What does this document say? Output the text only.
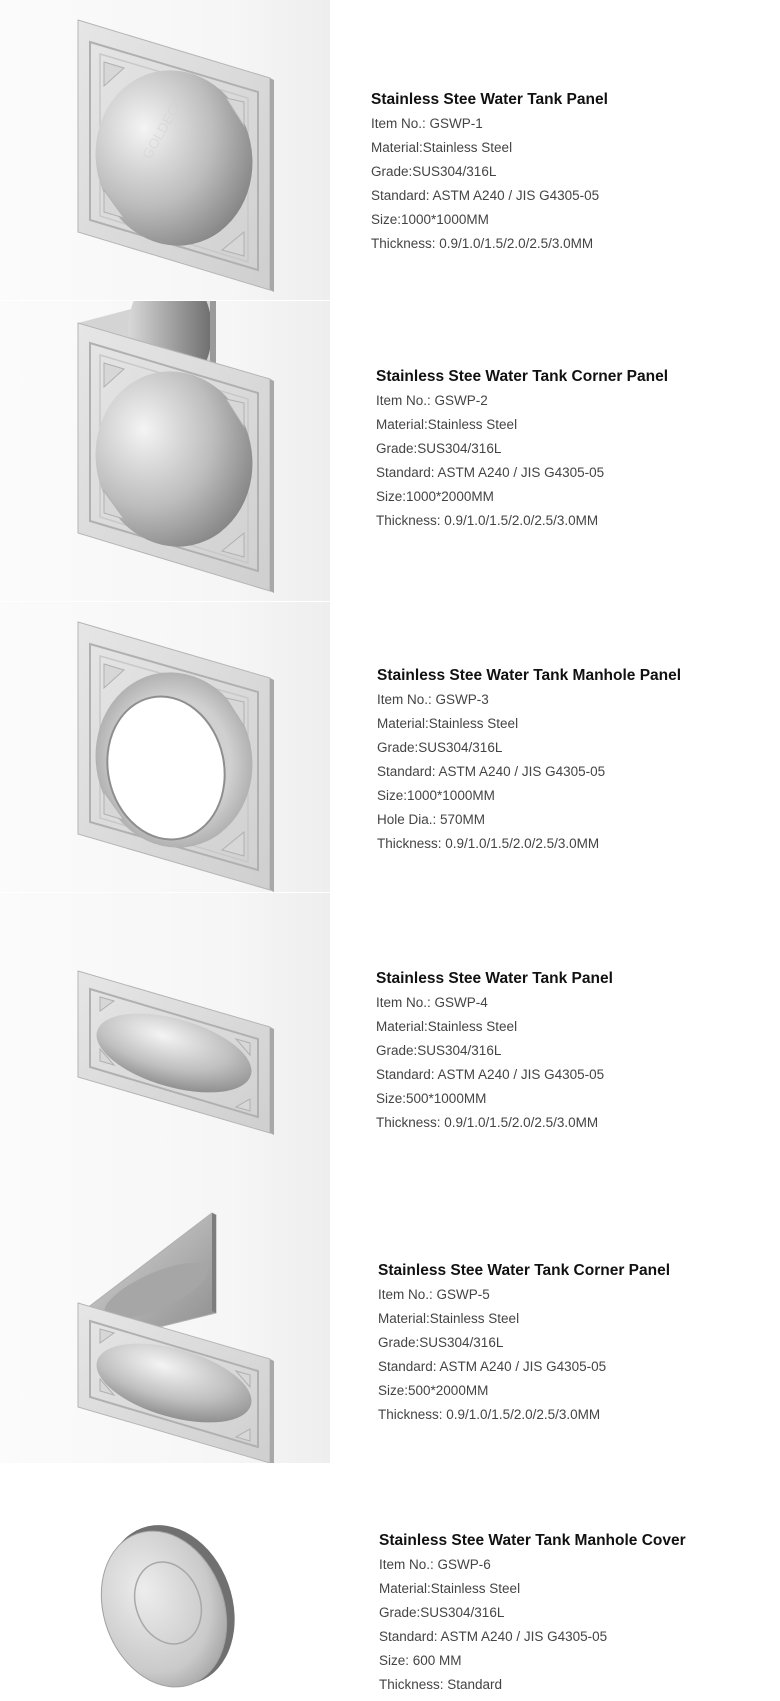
GOLDECO	Stainless Stee Water Tank Panel
Item No.: GSWP-1
Material:Stainless Steel
Grade:SUS304/316L
Standard: ASTM A240 / JIS G4305-05
Size:1000*1000MM
Thickness: 0.9/1.0/1.5/2.0/2.5/3.0MM
Stainless Stee Water Tank Corner Panel
Item No.: GSWP-2
Material:Stainless Steel
Grade:SUS304/316L
Standard: ASTM A240 / JIS G4305-05
Size:1000*2000MM
Thickness: 0.9/1.0/1.5/2.0/2.5/3.0MM
Stainless Stee Water Tank Manhole Panel
Item No.: GSWP-3
Material:Stainless Steel
Grade:SUS304/316L
Standard: ASTM A240 / JIS G4305-05
Size:1000*1000MM
Hole Dia.: 570MM
Thickness: 0.9/1.0/1.5/2.0/2.5/3.0MM
Stainless Stee Water Tank Panel
Item No.: GSWP-4
Material:Stainless Steel
Grade:SUS304/316L
Standard: ASTM A240 / JIS G4305-05
Size:500*1000MM
Thickness: 0.9/1.0/1.5/2.0/2.5/3.0MM
Stainless Stee Water Tank Corner Panel
Item No.: GSWP-5
Material:Stainless Steel
Grade:SUS304/316L
Standard: ASTM A240 / JIS G4305-05
Size:500*2000MM
Thickness: 0.9/1.0/1.5/2.0/2.5/3.0MM
Stainless Stee Water Tank Manhole Cover
Item No.: GSWP-6
Material:Stainless Steel
Grade:SUS304/316L
Standard: ASTM A240 / JIS G4305-05
Size: 600 MM
Thickness: Standard
